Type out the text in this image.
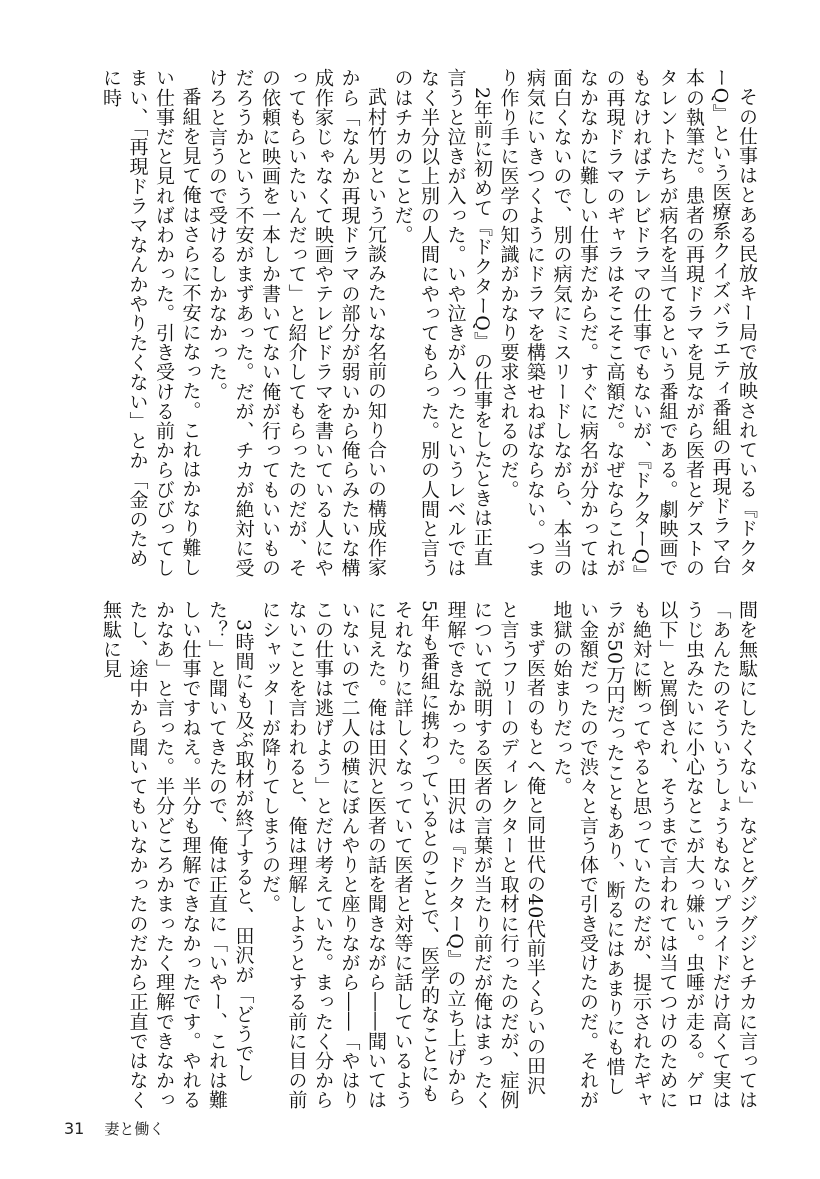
その仕事はとある民放キー局で放映されている『ドクターQ』という医療系クイズバラエティ番組の再現ドラマ台本の執筆だ。患者の再現ドラマを見ながら医者とゲストのタレントたちが病名を当てるという番組である。劇映画でもなければテレビドラマの仕事でもないが、『ドクターQ』の再現ドラマのギャラはそこそこ高額だ。なぜならこれがなかなかに難しい仕事だからだ。すぐに病名が分かっては面白くないので、別の病気にミスリードしながら、本当の病気にいきつくようにドラマを構築せねばならない。つまり作り手に医学の知識がかなり要求されるのだ。

2年前に初めて『ドクターQ』の仕事をしたときは正直言うと泣きが入った。いや泣きが入ったというレベルではなく半分以上別の人間にやってもらった。別の人間と言うのはチカのことだ。

武村竹男という冗談みたいな名前の知り合いの構成作家から「なんか再現ドラマの部分が弱いから俺らみたいな構成作家じゃなくて映画やテレビドラマを書いている人にやってもらいたいんだって」と紹介してもらったのだが、その依頼に映画を一本しか書いてない俺が行ってもいいものだろうかという不安がまずあった。だが、チカが絶対に受けろと言うので受けるしかなかった。

番組を見て俺はさらに不安になった。これはかなり難しい仕事だと見ればわかった。引き受ける前からびびってしまい、「再現ドラマなんかやりたくない」とか「金のために時

間を無駄にしたくない」などとグジグジとチカに言っては「あんたのそういうしょうもないプライドだけ高くて実はうじ虫みたいに小心なとこが大っ嫌い。虫唾が走る。ゲロ以下」と罵倒され、そうまで言われては当てつけのためにも絶対に断ってやると思っていたのだが、提示されたギャラが50万円だったこともあり、断るにはあまりにも惜しい金額だったので渋々と言う体で引き受けたのだ。それが地獄の始まりだった。

まず医者のもとへ俺と同世代の40代前半くらいの田沢と言うフリーのディレクターと取材に行ったのだが、症例について説明する医者の言葉が当たり前だが俺はまったく理解できなかった。田沢は『ドクターQ』の立ち上げから5年も番組に携わっているとのことで、医学的なことにもそれなりに詳しくなっていて医者と対等に話しているように見えた。俺は田沢と医者の話を聞きながら――聞いてはいないので二人の横にぼんやりと座りながら――「やはりこの仕事は逃げよう」とだけ考えていた。まったく分からないことを言われると、俺は理解しようとする前に目の前にシャッターが降りてしまうのだ。

3時間にも及ぶ取材が終了すると、田沢が「どうでした？」と聞いてきたので、俺は正直に「いやー、これは難しい仕事ですねえ。半分も理解できなかったです。やれるかなあ」と言った。半分どころかまったく理解できなかったし、途中から聞いてもいなかったのだから正直ではなく無駄に見

31 妻と働く
